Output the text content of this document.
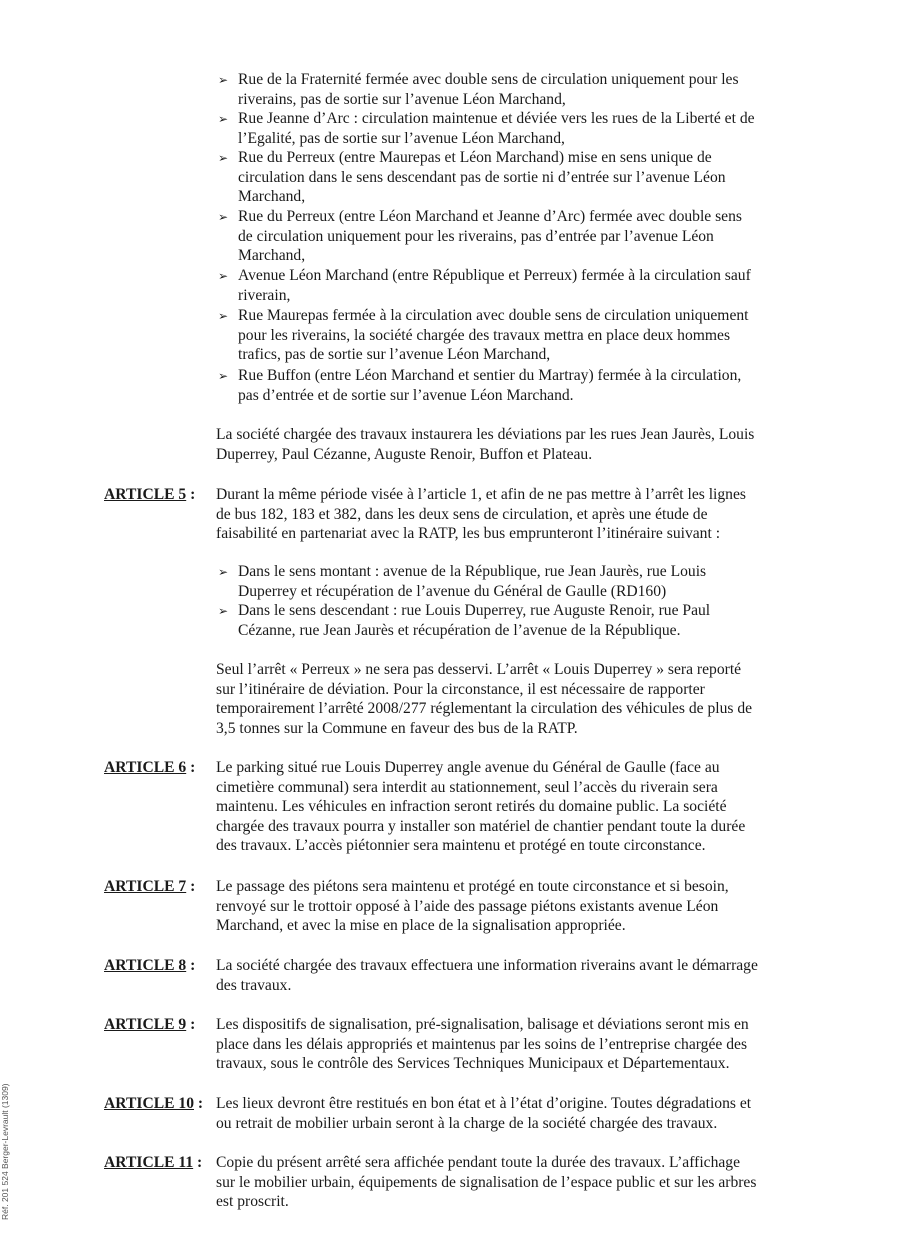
➢ Rue de la Fraternité fermée avec double sens de circulation uniquement pour les
riverains, pas de sortie sur l’avenue Léon Marchand,
➢ Rue Jeanne d’Arc : circulation maintenue et déviée vers les rues de la Liberté et de
l’Egalité, pas de sortie sur l’avenue Léon Marchand,
➢ Rue du Perreux (entre Maurepas et Léon Marchand) mise en sens unique de
circulation dans le sens descendant pas de sortie ni d’entrée sur l’avenue Léon
Marchand,
➢ Rue du Perreux (entre Léon Marchand et Jeanne d’Arc) fermée avec double sens
de circulation uniquement pour les riverains, pas d’entrée par l’avenue Léon
Marchand,
➢ Avenue Léon Marchand (entre République et Perreux) fermée à la circulation sauf
riverain,
➢ Rue Maurepas fermée à la circulation avec double sens de circulation uniquement
pour les riverains, la société chargée des travaux mettra en place deux hommes
trafics, pas de sortie sur l’avenue Léon Marchand,
➢ Rue Buffon (entre Léon Marchand et sentier du Martray) fermée à la circulation,
pas d’entrée et de sortie sur l’avenue Léon Marchand.
La société chargée des travaux instaurera les déviations par les rues Jean Jaurès, Louis
Duperrey, Paul Cézanne, Auguste Renoir, Buffon et Plateau.
ARTICLE 5 : Durant la même période visée à l’article 1, et afin de ne pas mettre à l’arrêt les lignes
de bus 182, 183 et 382, dans les deux sens de circulation, et après une étude de
faisabilité en partenariat avec la RATP, les bus emprunteront l’itinéraire suivant :
➢ Dans le sens montant : avenue de la République, rue Jean Jaurès, rue Louis
Duperrey et récupération de l’avenue du Général de Gaulle (RD160)
➢ Dans le sens descendant : rue Louis Duperrey, rue Auguste Renoir, rue Paul
Cézanne, rue Jean Jaurès et récupération de l’avenue de la République.
Seul l’arrêt « Perreux » ne sera pas desservi. L’arrêt « Louis Duperrey » sera reporté
sur l’itinéraire de déviation. Pour la circonstance, il est nécessaire de rapporter
temporairement l’arrêté 2008/277 réglementant la circulation des véhicules de plus de
3,5 tonnes sur la Commune en faveur des bus de la RATP.
ARTICLE 6 : Le parking situé rue Louis Duperrey angle avenue du Général de Gaulle (face au
cimetière communal) sera interdit au stationnement, seul l’accès du riverain sera
maintenu. Les véhicules en infraction seront retirés du domaine public. La société
chargée des travaux pourra y installer son matériel de chantier pendant toute la durée
des travaux. L’accès piétonnier sera maintenu et protégé en toute circonstance.
ARTICLE 7 : Le passage des piétons sera maintenu et protégé en toute circonstance et si besoin,
renvoyé sur le trottoir opposé à l’aide des passage piétons existants avenue Léon
Marchand, et avec la mise en place de la signalisation appropriée.
ARTICLE 8 : La société chargée des travaux effectuera une information riverains avant le démarrage
des travaux.
ARTICLE 9 : Les dispositifs de signalisation, pré-signalisation, balisage et déviations seront mis en
place dans les délais appropriés et maintenus par les soins de l’entreprise chargée des
travaux, sous le contrôle des Services Techniques Municipaux et Départementaux.
ARTICLE 10 : Les lieux devront être restitués en bon état et à l’état d’origine. Toutes dégradations et
ou retrait de mobilier urbain seront à la charge de la société chargée des travaux.
ARTICLE 11 : Copie du présent arrêté sera affichée pendant toute la durée des travaux. L’affichage
sur le mobilier urbain, équipements de signalisation de l’espace public et sur les arbres
est proscrit.
Réf. 201 524 Berger-Levrault (1309)
